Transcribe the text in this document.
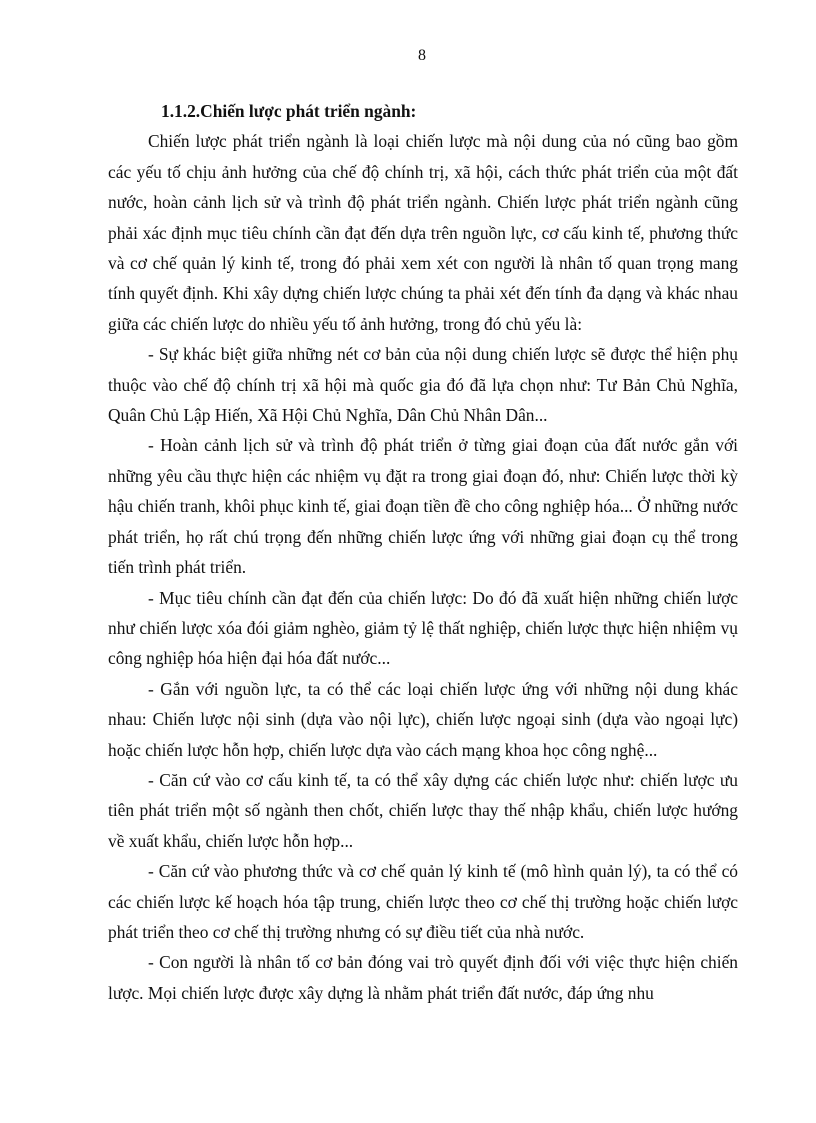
8

1.1.2.Chiến lược phát triển ngành:

Chiến lược phát triển ngành là loại chiến lược mà nội dung của nó cũng bao gồm các yếu tố chịu ảnh hưởng của chế độ chính trị, xã hội, cách thức phát triển của một đất nước, hoàn cảnh lịch sử và trình độ phát triển ngành. Chiến lược phát triển ngành cũng phải xác định mục tiêu chính cần đạt đến dựa trên nguồn lực, cơ cấu kinh tế, phương thức và cơ chế quản lý kinh tế, trong đó phải xem xét con người là nhân tố quan trọng mang tính quyết định. Khi xây dựng chiến lược chúng ta phải xét đến tính đa dạng và khác nhau giữa các chiến lược do nhiều yếu tố ảnh hưởng, trong đó chủ yếu là:

- Sự khác biệt giữa những nét cơ bản của nội dung chiến lược sẽ được thể hiện phụ thuộc vào chế độ chính trị xã hội mà quốc gia đó đã lựa chọn như: Tư Bản Chủ Nghĩa, Quân Chủ Lập Hiến, Xã Hội Chủ Nghĩa, Dân Chủ Nhân Dân...

- Hoàn cảnh lịch sử và trình độ phát triển ở từng giai đoạn của đất nước gắn với những yêu cầu thực hiện các nhiệm vụ đặt ra trong giai đoạn đó, như: Chiến lược thời kỳ hậu chiến tranh, khôi phục kinh tế, giai đoạn tiền đề cho công nghiệp hóa... Ở những nước phát triển, họ rất chú trọng đến những chiến lược ứng với những giai đoạn cụ thể trong tiến trình phát triển.

- Mục tiêu chính cần đạt đến của chiến lược: Do đó đã xuất hiện những chiến lược như chiến lược xóa đói giảm nghèo, giảm tỷ lệ thất nghiệp, chiến lược thực hiện nhiệm vụ công nghiệp hóa hiện đại hóa đất nước...

- Gắn với nguồn lực, ta có thể các loại chiến lược ứng với những nội dung khác nhau: Chiến lược nội sinh (dựa vào nội lực), chiến lược ngoại sinh (dựa vào ngoại lực) hoặc chiến lược hỗn hợp, chiến lược dựa vào cách mạng khoa học công nghệ...

- Căn cứ vào cơ cấu kinh tế, ta có thể xây dựng các chiến lược như: chiến lược ưu tiên phát triển một số ngành then chốt, chiến lược thay thế nhập khẩu, chiến lược hướng về xuất khẩu, chiến lược hỗn hợp...

- Căn cứ vào phương thức và cơ chế quản lý kinh tế (mô hình quản lý), ta có thể có các chiến lược kế hoạch hóa tập trung, chiến lược theo cơ chế thị trường hoặc chiến lược phát triển theo cơ chế thị trường nhưng có sự điều tiết của nhà nước.

- Con người là nhân tố cơ bản đóng vai trò quyết định đối với việc thực hiện chiến lược. Mọi chiến lược được xây dựng là nhằm phát triển đất nước, đáp ứng nhu
